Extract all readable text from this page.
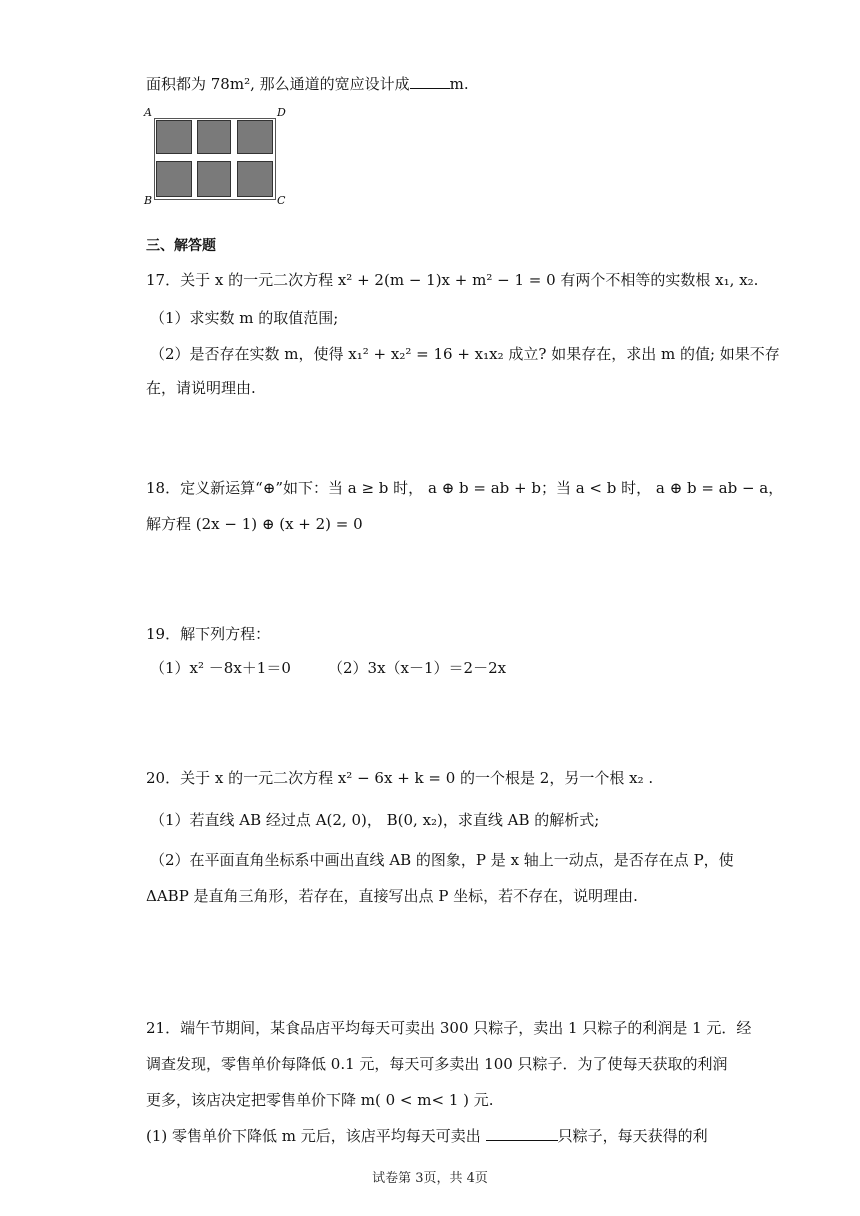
面积都为 78m², 那么通道的宽应设计成	m.
A	D
B	C
三、解答题
17．关于 x 的一元二次方程 x² + 2(m − 1)x + m² − 1 = 0 有两个不相等的实数根 x₁, x₂.
（1）求实数 m 的取值范围;
（2）是否存在实数 m，使得 x₁² + x₂² = 16 + x₁x₂ 成立? 如果存在，求出 m 的值; 如果不存
在，请说明理由.
18．定义新运算“⊕”如下：当 a ≥ b 时， a ⊕ b = ab + b；当 a < b 时， a ⊕ b = ab − a，
解方程 (2x − 1) ⊕ (x + 2) = 0
19．解下列方程：
（1）x² －8x＋1＝0 （2）3x（x－1）＝2－2x
20．关于 x 的一元二次方程 x² − 6x + k = 0 的一个根是 2，另一个根 x₂ .
（1）若直线 AB 经过点 A(2, 0)， B(0, x₂)，求直线 AB 的解析式;
（2）在平面直角坐标系中画出直线 AB 的图象，P 是 x 轴上一动点，是否存在点 P，使
ΔABP 是直角三角形，若存在，直接写出点 P 坐标，若不存在，说明理由.
21．端午节期间，某食品店平均每天可卖出 300 只粽子，卖出 1 只粽子的利润是 1 元．经
调查发现，零售单价每降低 0.1 元，每天可多卖出 100 只粽子．为了使每天获取的利润
更多，该店决定把零售单价下降 m( 0 < m< 1 ) 元.
(1) 零售单价下降低 m 元后，该店平均每天可卖出	只粽子，每天获得的利
试卷第 3页，共 4页
